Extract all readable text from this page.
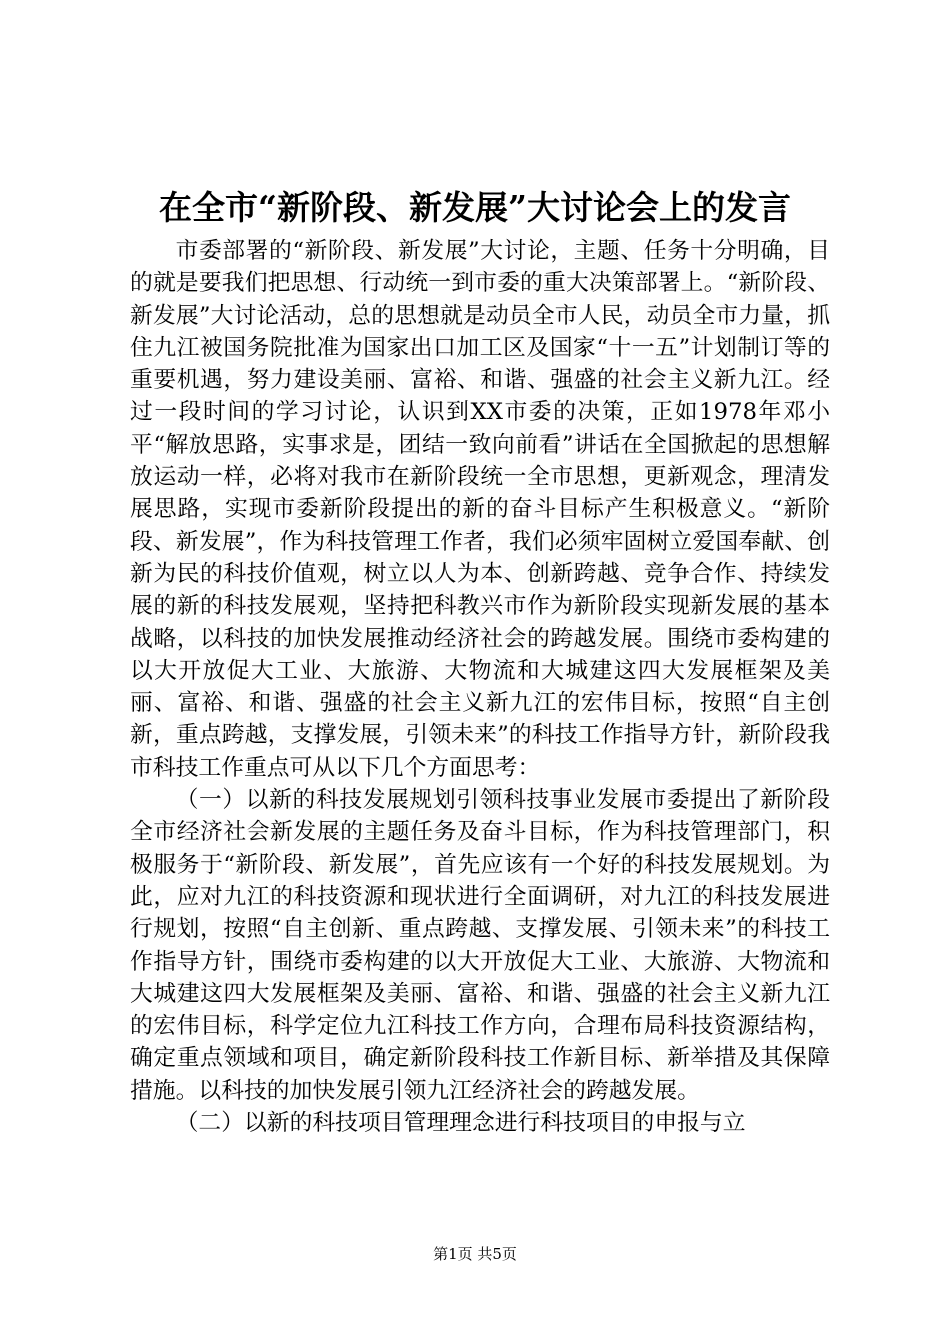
在全市“新阶段、新发展”大讨论会上的发言

市委部署的“新阶段、新发展”大讨论，主题、任务十分明确，目的就是要我们把思想、行动统一到市委的重大决策部署上。“新阶段、新发展”大讨论活动，总的思想就是动员全市人民，动员全市力量，抓住九江被国务院批准为国家出口加工区及国家“十一五”计划制订等的重要机遇，努力建设美丽、富裕、和谐、强盛的社会主义新九江。经过一段时间的学习讨论，认识到XX市委的决策，正如1978年邓小平“解放思路，实事求是，团结一致向前看”讲话在全国掀起的思想解放运动一样，必将对我市在新阶段统一全市思想，更新观念，理清发展思路，实现市委新阶段提出的新的奋斗目标产生积极意义。“新阶段、新发展”，作为科技管理工作者，我们必须牢固树立爱国奉献、创新为民的科技价值观，树立以人为本、创新跨越、竞争合作、持续发展的新的科技发展观，坚持把科教兴市作为新阶段实现新发展的基本战略，以科技的加快发展推动经济社会的跨越发展。围绕市委构建的以大开放促大工业、大旅游、大物流和大城建这四大发展框架及美丽、富裕、和谐、强盛的社会主义新九江的宏伟目标，按照“自主创新，重点跨越，支撑发展，引领未来”的科技工作指导方针，新阶段我市科技工作重点可从以下几个方面思考：

（一）以新的科技发展规划引领科技事业发展市委提出了新阶段全市经济社会新发展的主题任务及奋斗目标，作为科技管理部门，积极服务于“新阶段、新发展”，首先应该有一个好的科技发展规划。为此，应对九江的科技资源和现状进行全面调研，对九江的科技发展进行规划，按照“自主创新、重点跨越、支撑发展、引领未来”的科技工作指导方针，围绕市委构建的以大开放促大工业、大旅游、大物流和大城建这四大发展框架及美丽、富裕、和谐、强盛的社会主义新九江的宏伟目标，科学定位九江科技工作方向，合理布局科技资源结构，确定重点领域和项目，确定新阶段科技工作新目标、新举措及其保障措施。以科技的加快发展引领九江经济社会的跨越发展。

（二）以新的科技项目管理理念进行科技项目的申报与立

第1页 共5页
